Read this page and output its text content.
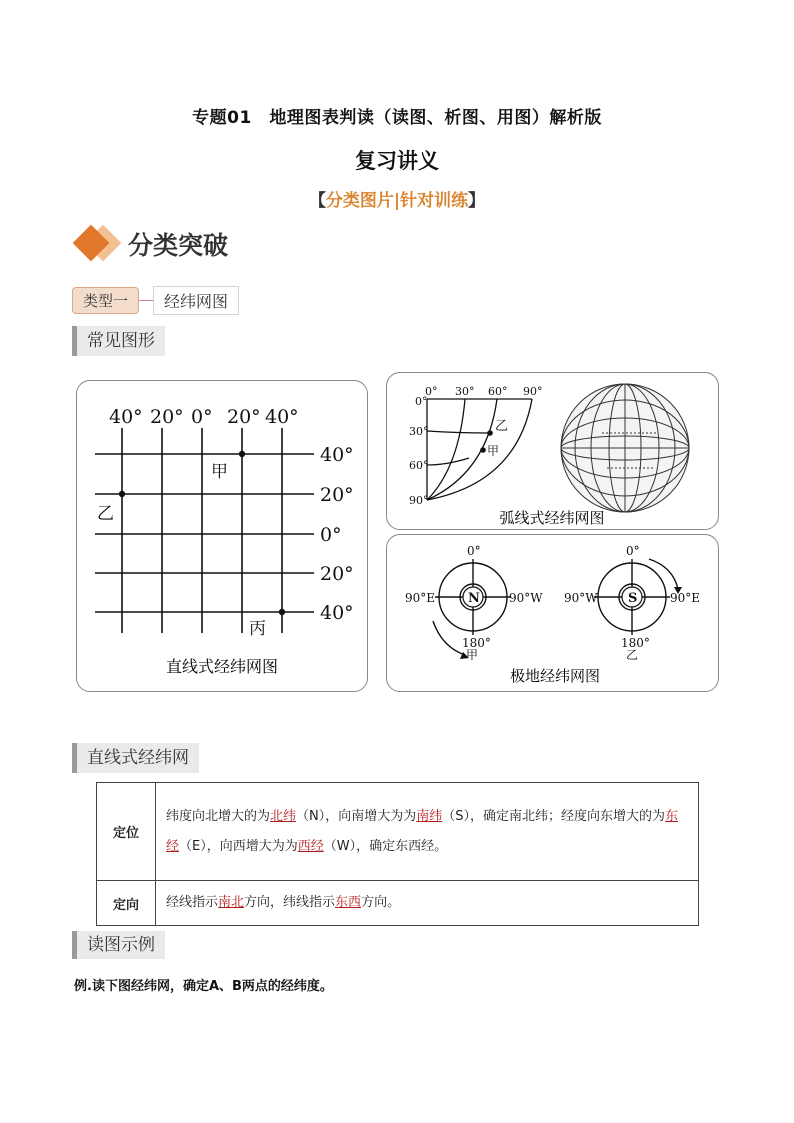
专题01　地理图表判读（读图、析图、用图）解析版
复习讲义
【分类图片|针对训练】
分类突破
类型一	经纬网图
常见图形
40° 20° 0° 20° 40°
40°
20°
0°
20°
40°
甲
乙
丙
直线式经纬网图
0° 30° 60° 90°
0°
30°
60°
90°
乙
甲
弧线式经纬网图
0°
90°E	90°W
180°
N
甲
0°
90°W	90°E
180°
S
乙
极地经纬网图
直线式经纬网
定位	纬度向北增大的为北纬（N），向南增大为为南纬（S），确定南北纬；经度向东增大的为东经（E），向西增大为为西经（W），确定东西经。
定向	经线指示南北方向，纬线指示东西方向。
读图示例
例.读下图经纬网，确定A、B两点的经纬度。
